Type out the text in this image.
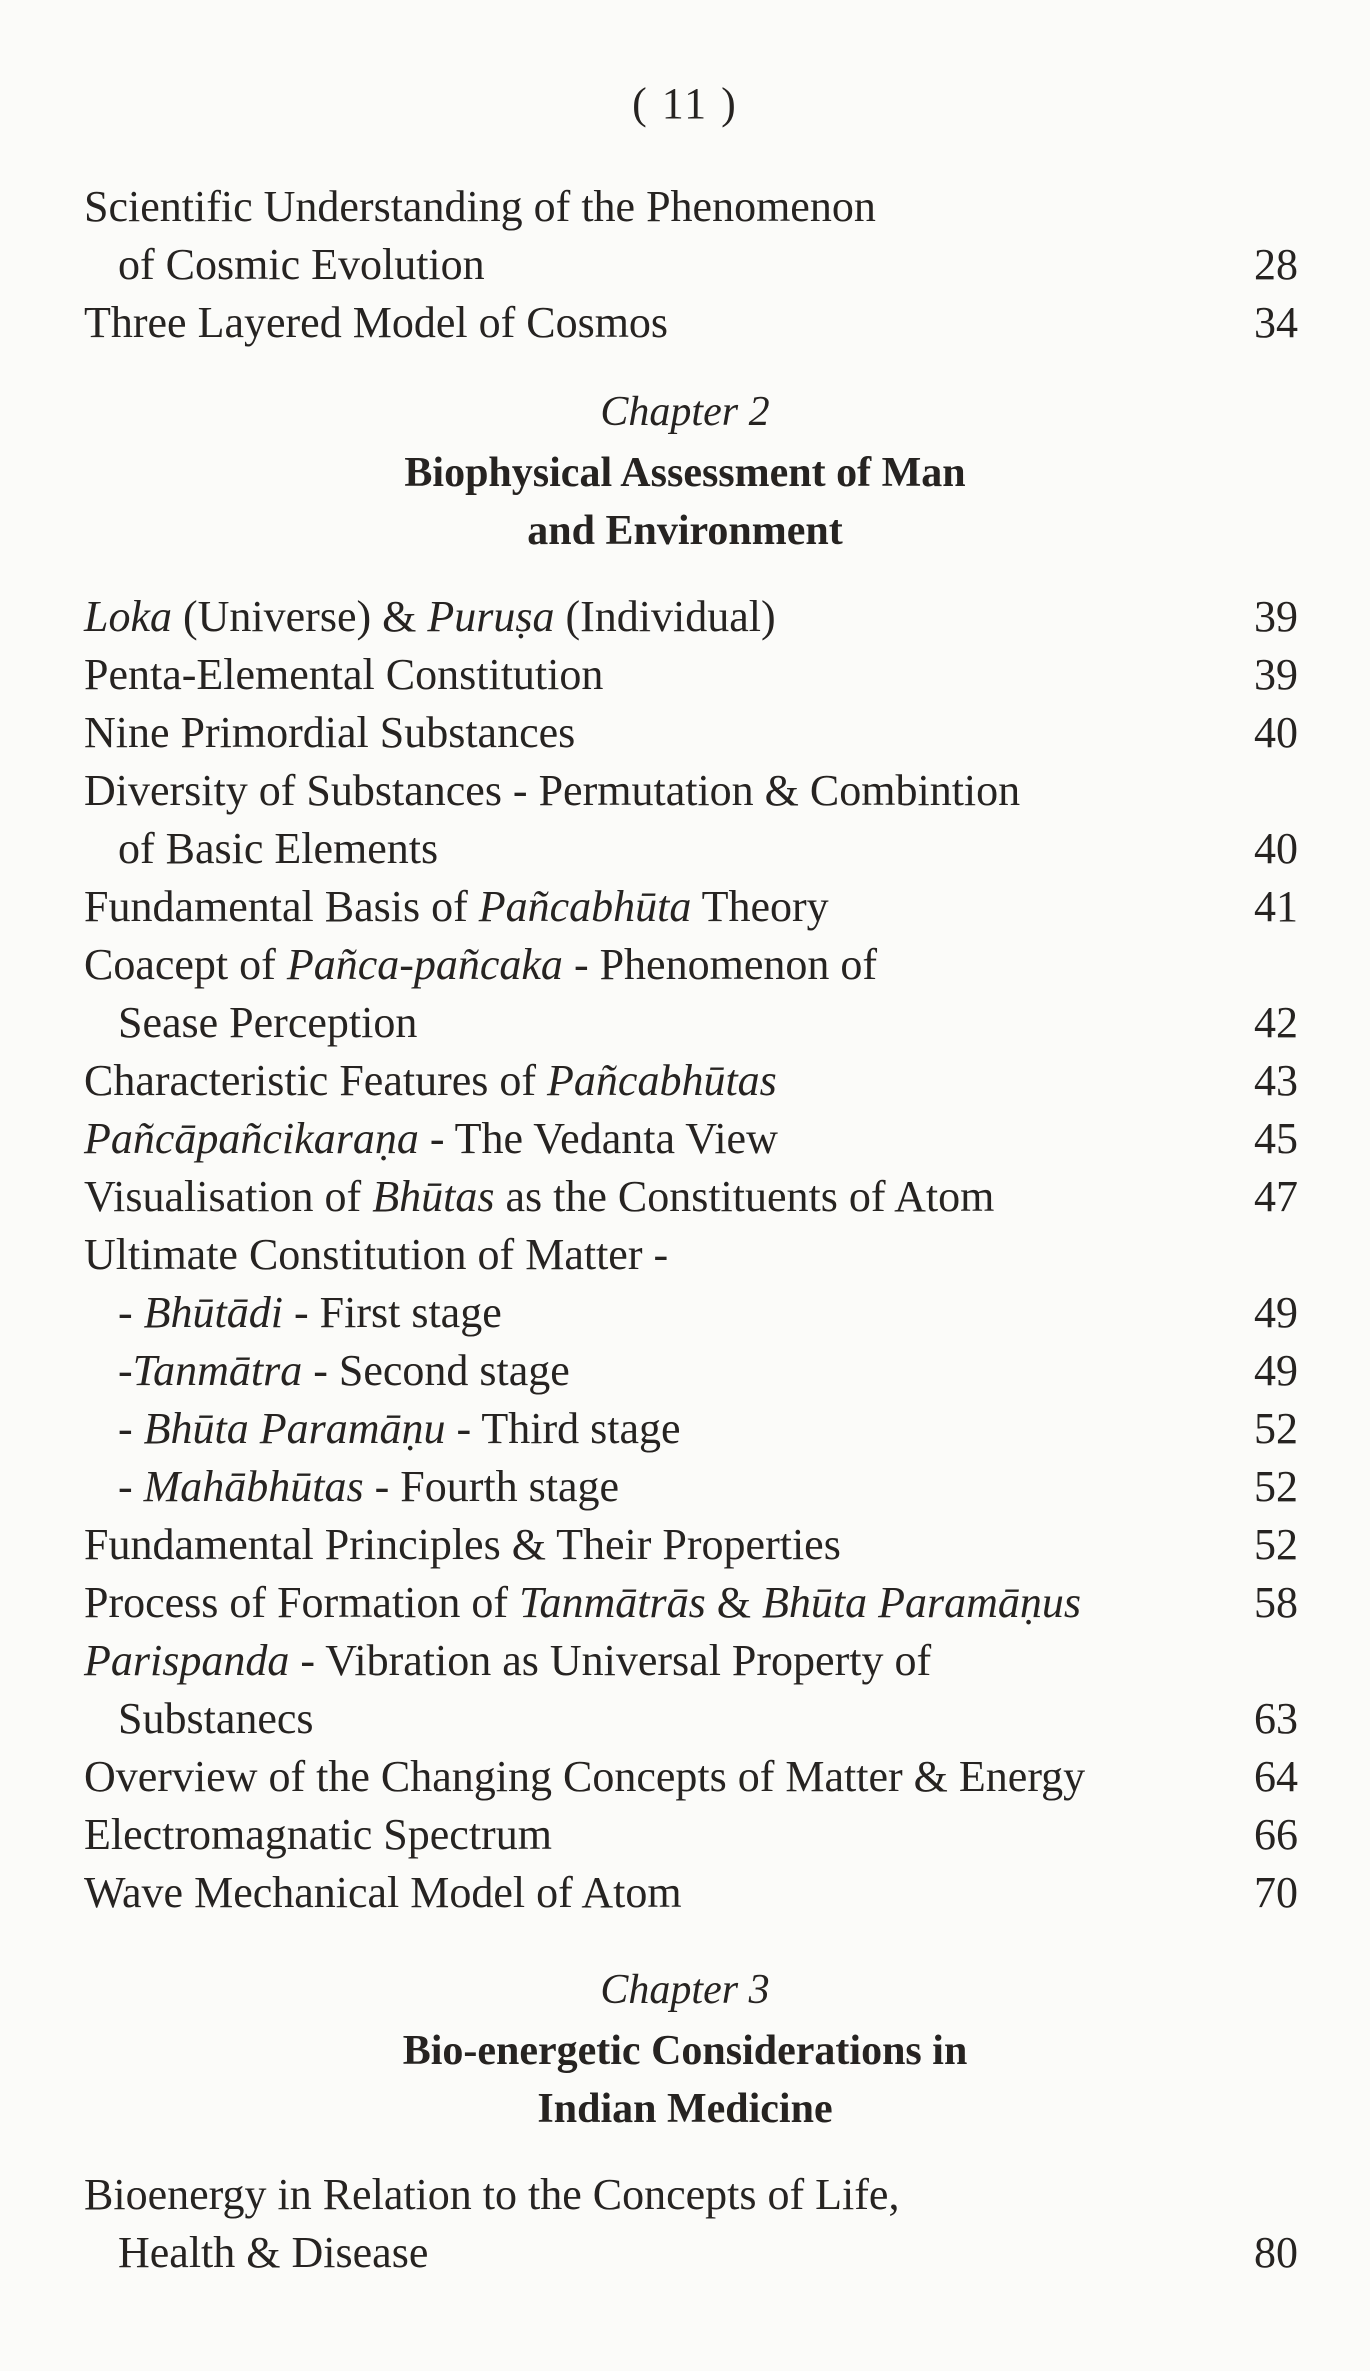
( 11 )
Scientific Understanding of the Phenomenon
of Cosmic Evolution	28
Three Layered Model of Cosmos	34
Chapter 2
Biophysical Assessment of Man
and Environment
Loka (Universe) & Puruṣa (Individual)	39
Penta-Elemental Constitution	39
Nine Primordial Substances	40
Diversity of Substances - Permutation & Combintion
of Basic Elements	40
Fundamental Basis of Pañcabhūta Theory	41
Coacept of Pañca-pañcaka - Phenomenon of
Sease Perception	42
Characteristic Features of Pañcabhūtas	43
Pañcāpañcikaraṇa - The Vedanta View	45
Visualisation of Bhūtas as the Constituents of Atom	47
Ultimate Constitution of Matter -
- Bhūtādi - First stage	49
-Tanmātra - Second stage	49
- Bhūta Paramāṇu - Third stage	52
- Mahābhūtas - Fourth stage	52
Fundamental Principles & Their Properties	52
Process of Formation of Tanmātrās & Bhūta Paramāṇus	58
Parispanda - Vibration as Universal Property of
Substanecs	63
Overview of the Changing Concepts of Matter & Energy	64
Electromagnatic Spectrum	66
Wave Mechanical Model of Atom	70
Chapter 3
Bio-energetic Considerations in
Indian Medicine
Bioenergy in Relation to the Concepts of Life,
Health & Disease	80
